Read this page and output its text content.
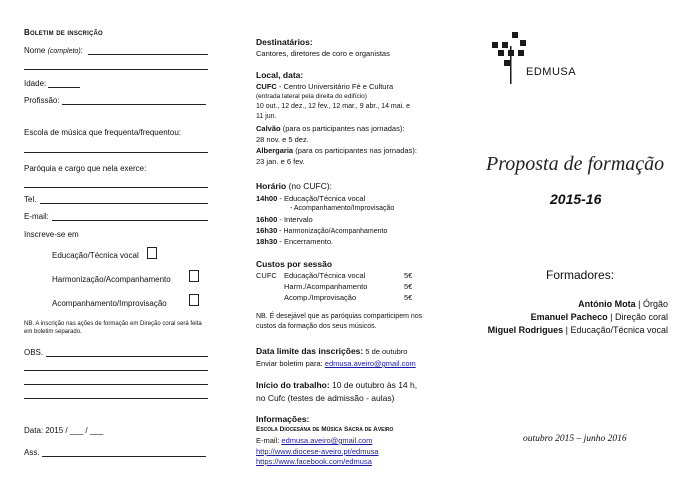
Boletim de inscrição
Nome (completo):
Idade:
Profissão:
Escola de música que frequenta/frequentou:
Paróquia e cargo que nela exerce:
Tel.
E-mail:
Inscreve-se em
Educação/Técnica vocal
Harmonização/Acompanhamento
Acompanhamento/Improvisação
NB. A inscrição nas ações de formação em Direção coral será feita
em boletim separado.
OBS.
Data: 2015 / ___ / ___
Ass.
Destinatários:
Cantores, diretores de coro e organistas
Local, data:
CUFC - Centro Universitário Fé e Cultura
(entrada lateral pela direita do edifício)
10 out., 12 dez., 12 fev., 12 mar., 9 abr., 14 mai. e
11 jun.
Calvão (para os participantes nas jornadas):
28 nov. e 5 dez.
Albergaria (para os participantes nas jornadas):
23 jan. e 6 fev.
Horário (no CUFC):
14h00 - Educação/Técnica vocal
- Acompanhamento/Improvisação
16h00 - Intervalo
16h30 - Harmonização/Acompanhamento
18h30 - Encerramento.
Custos por sessão
CUFC Educação/Técnica vocal	5€
Harm./Acompanhamento	5€
Acomp./Improvisação	5€
NB. É desejável que as paróquias comparticipem nos
custos da formação dos seus músicos.
Data limite das inscrições: 5 de outubro
Enviar boletim para: edmusa.aveiro@gmail.com
Início do trabalho: 10 de outubro às 14 h,
no Cufc (testes de admissão - aulas)
Informações:
Escola Diocesana de Música Sacra de Aveiro
E-mail: edmusa.aveiro@gmail.com
http://www.diocese-aveiro.pt/edmusa
https://www.facebook.com/edmusa
EDMUSA
Proposta de formação
2015-16
Formadores:
António Mota | Órgão
Emanuel Pacheco | Direção coral
Miguel Rodrigues | Educação/Técnica vocal
outubro 2015 – junho 2016
